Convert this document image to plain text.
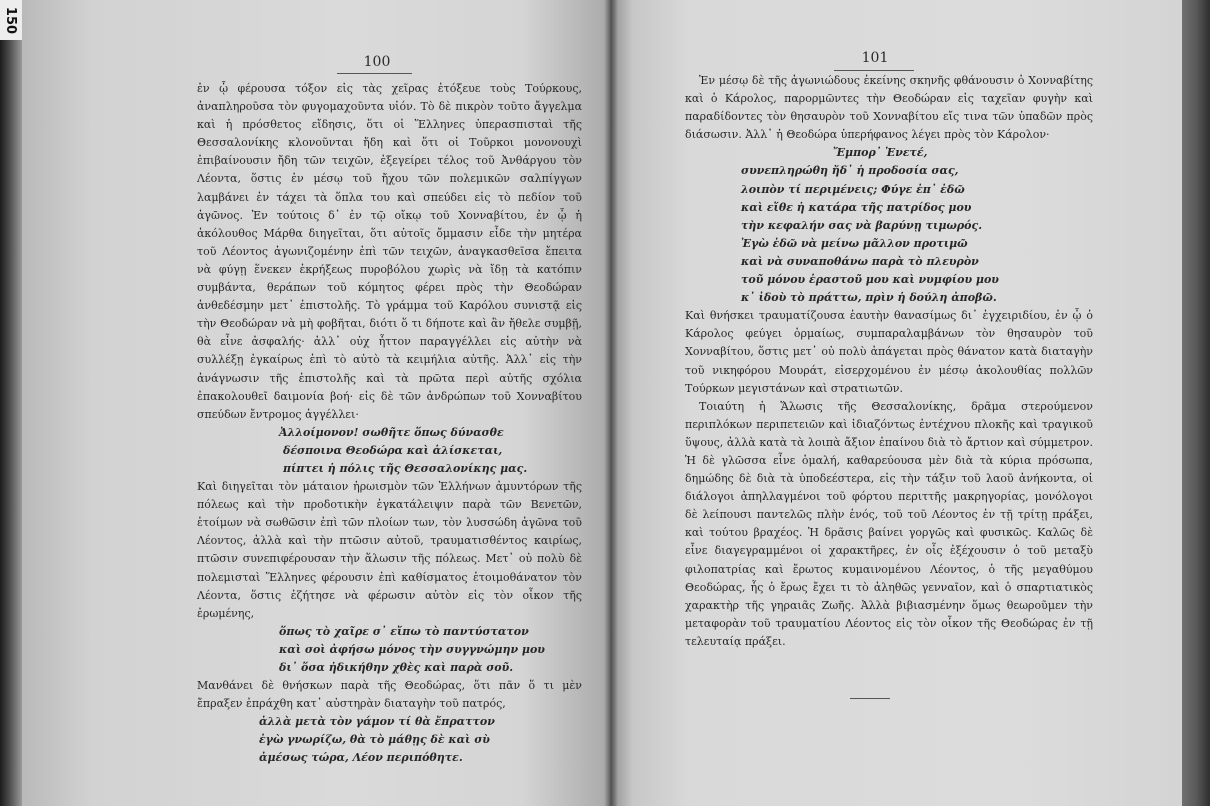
150
100

ἐν ᾧ φέρουσα τόξον εἰς τὰς χεῖρας ἐτόξευε τοὺς Τούρκους, ἀναπληροῦσα τὸν φυγομαχοῦντα υἱόν. Τὸ δὲ πικρὸν τοῦτο ἄγγελμα καὶ ἡ πρόσθετος εἴδησις, ὅτι οἱ Ἕλληνες ὑπερασπισταὶ τῆς Θεσσαλονίκης κλονοῦνται ἤδη καὶ ὅτι οἱ Τοῦρκοι μονονουχὶ ἐπιβαίνουσιν ἤδη τῶν τειχῶν, ἐξεγείρει τέλος τοῦ Ἀνθάργου τὸν Λέοντα, ὅστις ἐν μέσῳ τοῦ ἤχου τῶν πολεμικῶν σαλπίγγων λαμβάνει ἐν τάχει τὰ ὅπλα του καὶ σπεύδει εἰς τὸ πεδίον τοῦ ἀγῶνος. Ἐν τούτοις δ᾽ ἐν τῷ οἴκῳ τοῦ Χονναβίτου, ἐν ᾧ ἡ ἀκόλουθος Μάρθα διηγεῖται, ὅτι αὐτοῖς ὄμμασιν εἶδε τὴν μητέρα τοῦ Λέοντος ἀγωνιζομένην ἐπὶ τῶν τειχῶν, ἀναγκασθεῖσα ἔπειτα νὰ φύγῃ ἕνεκεν ἐκρήξεως πυροβόλου χωρὶς νὰ ἴδῃ τὰ κατόπιν συμβάντα, θεράπων τοῦ κόμητος φέρει πρὸς τὴν Θεοδώραν ἀνθεδέσμην μετ᾽ ἐπιστολῆς. Τὸ γράμμα τοῦ Καρόλου συνιστᾷ εἰς τὴν Θεοδώραν νὰ μὴ φοβῆται, διότι ὅ τι δήποτε καὶ ἂν ἤθελε συμβῇ, θὰ εἶνε ἀσφαλής· ἀλλ᾽ οὐχ ἧττον παραγγέλλει εἰς αὐτὴν νὰ συλλέξῃ ἐγκαίρως ἐπὶ τὸ αὐτὸ τὰ κειμήλια αὐτῆς. Ἀλλ᾽ εἰς τὴν ἀνάγνωσιν τῆς ἐπιστολῆς καὶ τὰ πρῶτα περὶ αὐτῆς σχόλια ἐπακολουθεῖ δαιμονία βοή· εἰς δὲ τῶν ἀνδρώπων τοῦ Χονναβίτου σπεύδων ἔντρομος ἀγγέλλει·

Ἀλλοίμονον! σωθῆτε ὅπως δύνασθε
δέσποινα Θεοδώρα καὶ ἁλίσκεται,
πίπτει ἡ πόλις τῆς Θεσσαλονίκης μας.

Καὶ διηγεῖται τὸν μάταιον ἡρωισμὸν τῶν Ἑλλήνων ἀμυντόρων τῆς πόλεως καὶ τὴν προδοτικὴν ἐγκατάλειψιν παρὰ τῶν Βενετῶν, ἑτοίμων νὰ σωθῶσιν ἐπὶ τῶν πλοίων των, τὸν λυσσώδη ἀγῶνα τοῦ Λέοντος, ἀλλὰ καὶ τὴν πτῶσιν αὐτοῦ, τραυματισθέντος καιρίως, πτῶσιν συνεπιφέρουσαν τὴν ἅλωσιν τῆς πόλεως. Μετ᾽ οὐ πολὺ δὲ πολεμισταὶ Ἕλληνες φέρουσιν ἐπὶ καθίσματος ἑτοιμοθάνατον τὸν Λέοντα, ὅστις ἐζήτησε νὰ φέρωσιν αὐτὸν εἰς τὸν οἶκον τῆς ἐρωμένης,

ὅπως τὸ χαῖρε σ᾽ εἴπω τὸ παντύστατον
καὶ σοὶ ἀφήσω μόνος τὴν συγγνώμην μου
δι᾽ ὅσα ἠδικήθην χθὲς καὶ παρὰ σοῦ.

Μανθάνει δὲ θνήσκων παρὰ τῆς Θεοδώρας, ὅτι πᾶν ὅ τι μὲν ἔπραξεν ἐπράχθη κατ᾽ αὐστηρὰν διαταγὴν τοῦ πατρός,

ἀλλὰ μετὰ τὸν γάμον τί θὰ ἔπραττον
ἐγὼ γνωρίζω, θὰ τὸ μάθῃς δὲ καὶ σὺ
ἀμέσως τώρα, Λέον περιπόθητε.
101

Ἐν μέσῳ δὲ τῆς ἀγωνιώδους ἐκείνης σκηνῆς φθάνουσιν ὁ Χονναβίτης καὶ ὁ Κάρολος, παρορμῶντες τὴν Θεοδώραν εἰς ταχεῖαν φυγὴν καὶ παραδίδοντες τὸν θησαυρὸν τοῦ Χονναβίτου εἴς τινα τῶν ὑπαδῶν πρὸς διάσωσιν. Ἀλλ᾽ ἡ Θεοδώρα ὑπερήφανος λέγει πρὸς τὸν Κάρολον·

Ἔμπορ᾽ Ἐνετέ,
συνεπληρώθη ἤδ᾽ ἡ προδοσία σας,
λοιπὸν τί περιμένεις; Φύγε ἐπ᾽ ἐδῶ
καὶ εἴθε ἡ κατάρα τῆς πατρίδος μου
τὴν κεφαλήν σας νὰ βαρύνῃ τιμωρός.
Ἐγὼ ἐδῶ νὰ μείνω μᾶλλον προτιμῶ
καὶ νὰ συναποθάνω παρὰ τὸ πλευρὸν
τοῦ μόνου ἐραστοῦ μου καὶ νυμφίου μου
κ᾽ ἰδοὺ τὸ πράττω, πρὶν ἡ δούλη ἀποβῶ.

Καὶ θνήσκει τραυματίζουσα ἑαυτὴν θανασίμως δι᾽ ἐγχειριδίου, ἐν ᾧ ὁ Κάρολος φεύγει ὁρμαίως, συμπαραλαμβάνων τὸν θησαυρὸν τοῦ Χονναβίτου, ὅστις μετ᾽ οὐ πολὺ ἀπάγεται πρὸς θάνατον κατὰ διαταγὴν τοῦ νικηφόρου Μουράτ, εἰσερχομένου ἐν μέσῳ ἀκολουθίας πολλῶν Τούρκων μεγιστάνων καὶ στρατιωτῶν.

Τοιαύτη ἡ Ἅλωσις τῆς Θεσσαλονίκης, δρᾶμα στερούμενον περιπλόκων περιπετειῶν καὶ ἰδιαζόντως ἐντέχνου πλοκῆς καὶ τραγικοῦ ὕψους, ἀλλὰ κατὰ τὰ λοιπὰ ἄξιον ἐπαίνου διὰ τὸ ἄρτιον καὶ σύμμετρον. Ἡ δὲ γλῶσσα εἶνε ὁμαλή, καθαρεύουσα μὲν διὰ τὰ κύρια πρόσωπα, δημώδης δὲ διὰ τὰ ὑποδεέστερα, εἰς τὴν τάξιν τοῦ λαοῦ ἀνήκοντα, οἱ διάλογοι ἀπηλλαγμένοι τοῦ φόρτου περιττῆς μακρηγορίας, μονόλογοι δὲ λείπουσι παντελῶς πλὴν ἑνός, τοῦ τοῦ Λέοντος ἐν τῇ τρίτῃ πράξει, καὶ τούτου βραχέος. Ἡ δρᾶσις βαίνει γοργῶς καὶ φυσικῶς. Καλῶς δὲ εἶνε διαγεγραμμένοι οἱ χαρακτῆρες, ἐν οἷς ἐξέχουσιν ὁ τοῦ μεταξὺ φιλοπατρίας καὶ ἔρωτος κυμαινομένου Λέοντος, ὁ τῆς μεγαθύμου Θεοδώρας, ἧς ὁ ἔρως ἔχει τι τὸ ἀληθῶς γενναῖον, καὶ ὁ σπαρτιατικὸς χαρακτὴρ τῆς γηραιᾶς Ζωῆς. Ἀλλὰ βιβιασμένην ὅμως θεωροῦμεν τὴν μεταφορὰν τοῦ τραυματίου Λέοντος εἰς τὸν οἶκον τῆς Θεοδώρας ἐν τῇ τελευταίᾳ πράξει.
